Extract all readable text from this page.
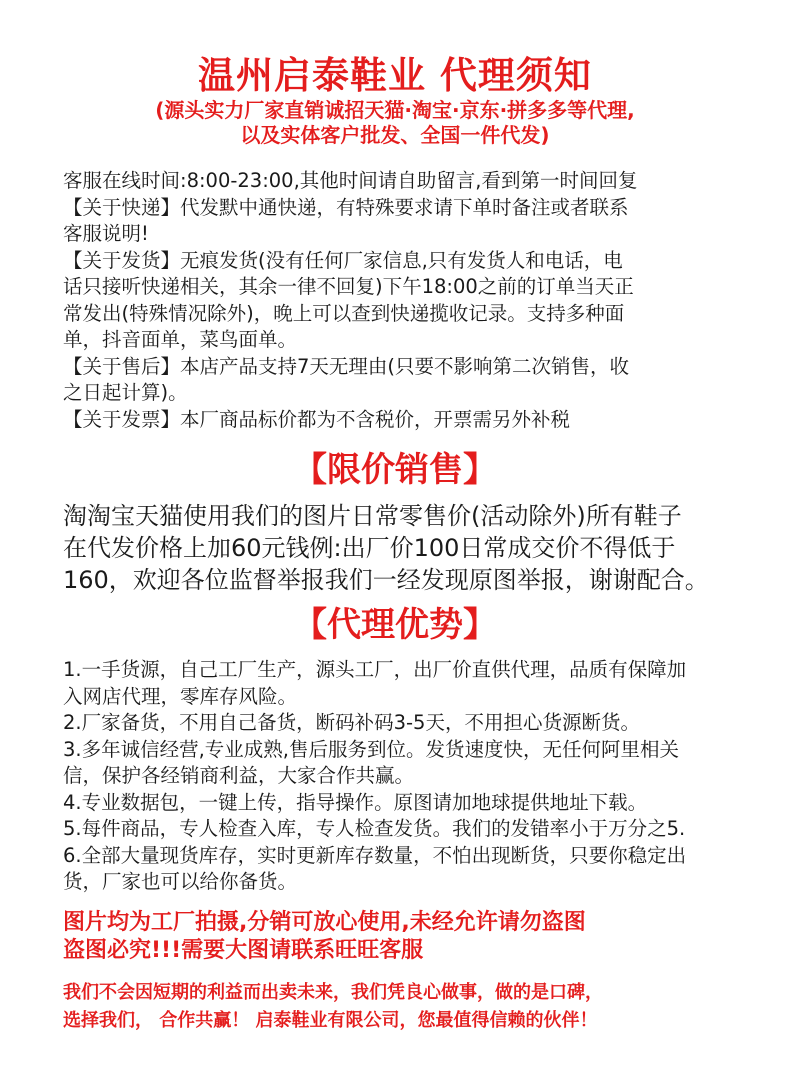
温州启泰鞋业 代理须知
(源头实力厂家直销诚招天猫·淘宝·京东·拼多多等代理,
以及实体客户批发、全国一件代发)

客服在线时间:8:00-23:00,其他时间请自助留言,看到第一时间回复

【关于快递】代发默中通快递，有特殊要求请下单时备注或者联系

客服说明!

【关于发货】无痕发货(没有任何厂家信息,只有发货人和电话，电

话只接听快递相关，其余一律不回复)下午18:00之前的订单当天正

常发出(特殊情况除外)，晚上可以查到快递揽收记录。支持多种面

单，抖音面单，菜鸟面单。

【关于售后】本店产品支持7天无理由(只要不影响第二次销售，收

之日起计算)。

【关于发票】本厂商品标价都为不含税价，开票需另外补税

【限价销售】

淘淘宝天猫使用我们的图片日常零售价(活动除外)所有鞋子

在代发价格上加60元钱例:出厂价100日常成交价不得低于

160，欢迎各位监督举报我们一经发现原图举报，谢谢配合。

【代理优势】

1.一手货源，自己工厂生产，源头工厂，出厂价直供代理，品质有保障加

入网店代理，零库存风险。

2.厂家备货，不用自己备货，断码补码3-5天，不用担心货源断货。

3.多年诚信经营,专业成熟,售后服务到位。发货速度快，无任何阿里相关

信，保护各经销商利益，大家合作共赢。

4.专业数据包，一键上传，指导操作。原图请加地球提供地址下载。

5.每件商品，专人检查入库，专人检查发货。我们的发错率小于万分之5.

6.全部大量现货库存，实时更新库存数量，不怕出现断货，只要你稳定出

货，厂家也可以给你备货。

图片均为工厂拍摄,分销可放心使用,未经允许请勿盗图
盗图必究!!!需要大图请联系旺旺客服
我们不会因短期的利益而出卖未来，我们凭良心做事，做的是口碑，
选择我们， 合作共赢！ 启泰鞋业有限公司，您最值得信赖的伙伴！
